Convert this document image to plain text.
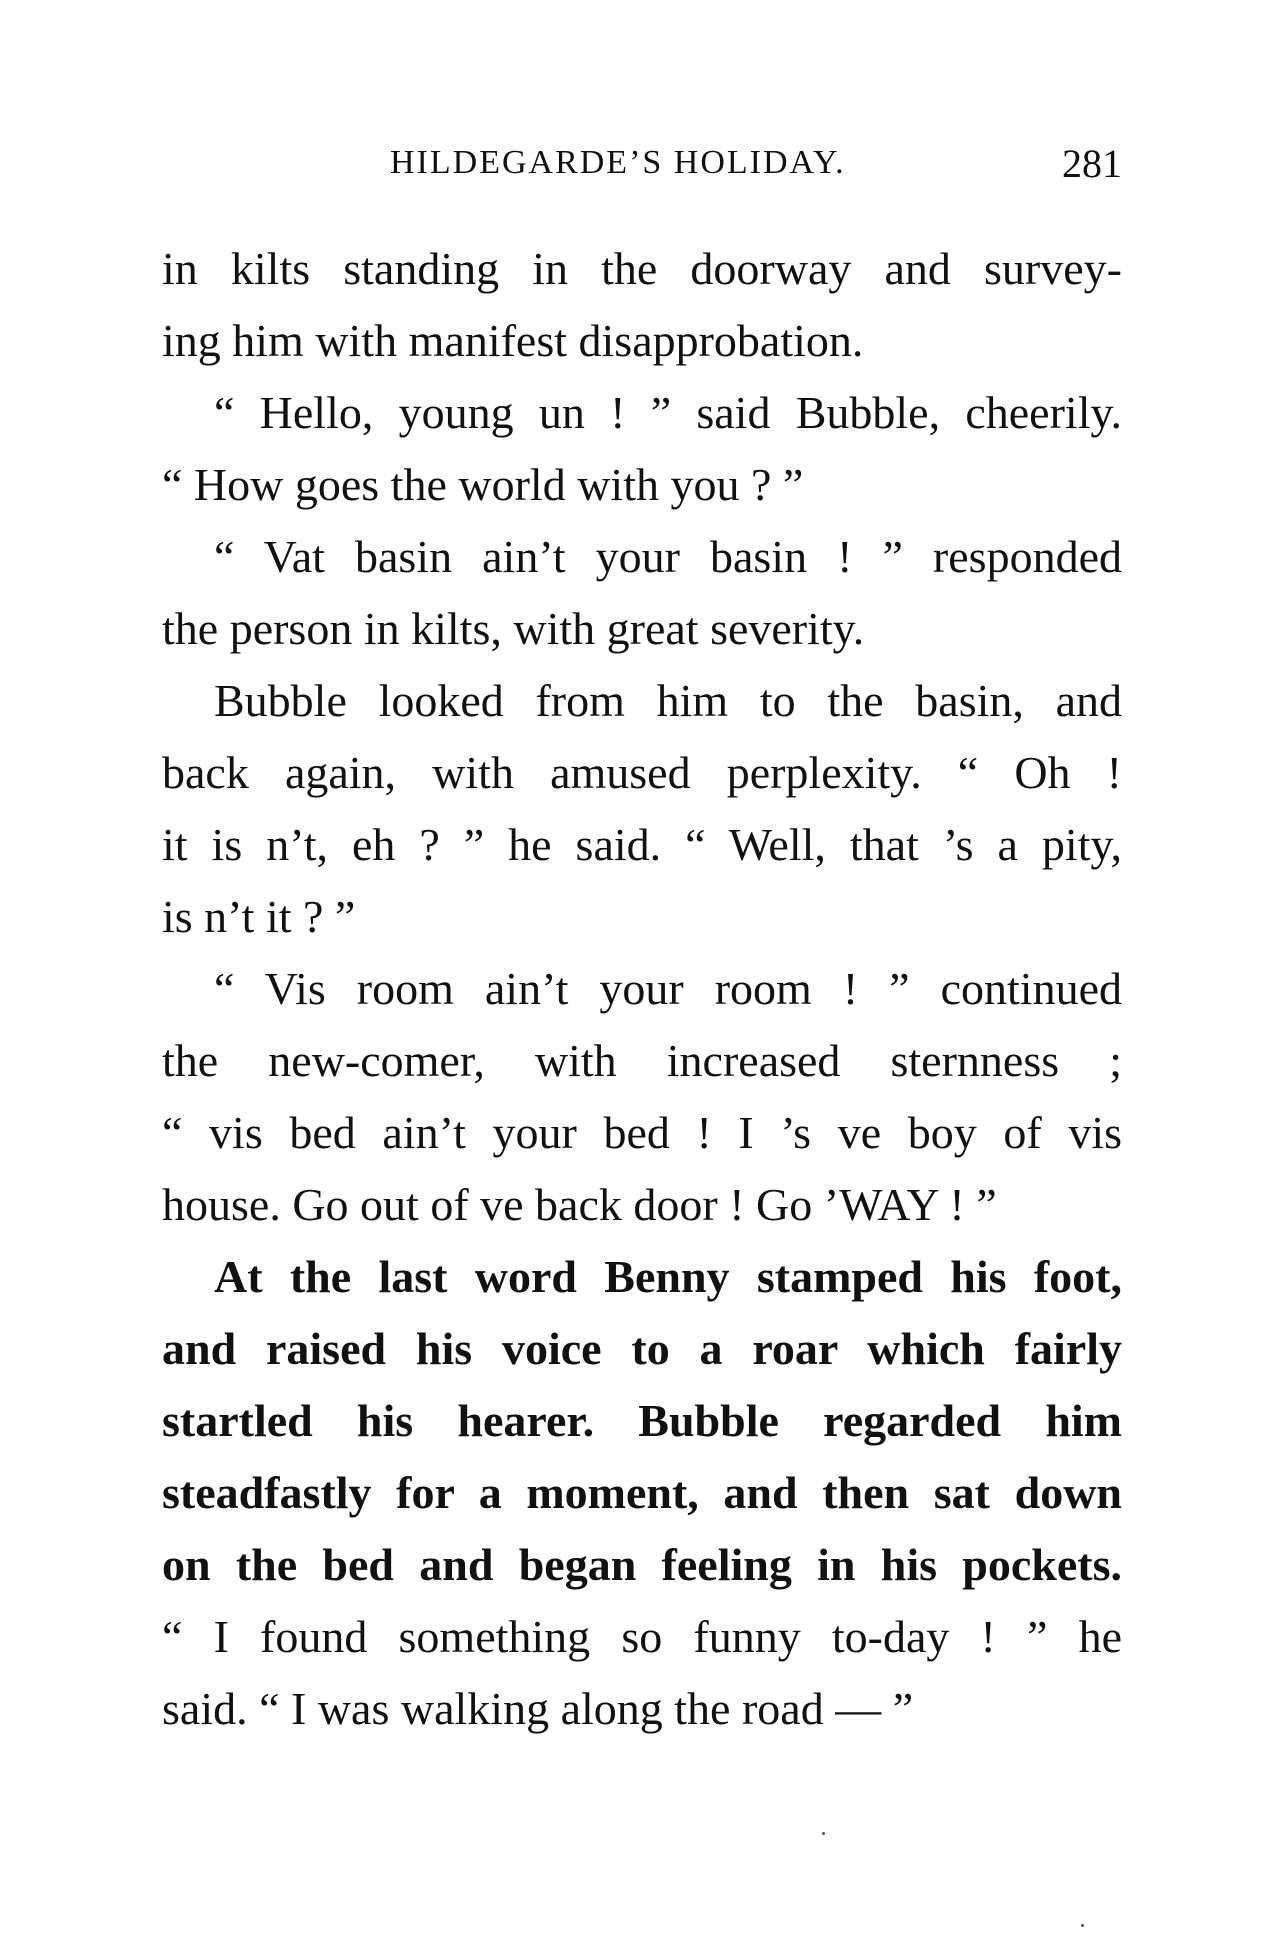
HILDEGARDE’S HOLIDAY.	281
in kilts standing in the doorway and survey-
ing him with manifest disapprobation.
“ Hello, young un ! ” said Bubble, cheerily.
“ How goes the world with you ? ”
“ Vat basin ain’t your basin ! ” responded
the person in kilts, with great severity.
Bubble looked from him to the basin, and
back again, with amused perplexity. “ Oh !
it is n’t, eh ? ” he said. “ Well, that ’s a pity,
is n’t it ? ”
“ Vis room ain’t your room ! ” continued
the new-comer, with increased sternness ;
“ vis bed ain’t your bed ! I ’s ve boy of vis
house. Go out of ve back door ! Go ’WAY ! ”
At the last word Benny stamped his foot,
and raised his voice to a roar which fairly
startled his hearer. Bubble regarded him
steadfastly for a moment, and then sat down
on the bed and began feeling in his pockets.
“ I found something so funny to-day ! ” he
said. “ I was walking along the road — ”
